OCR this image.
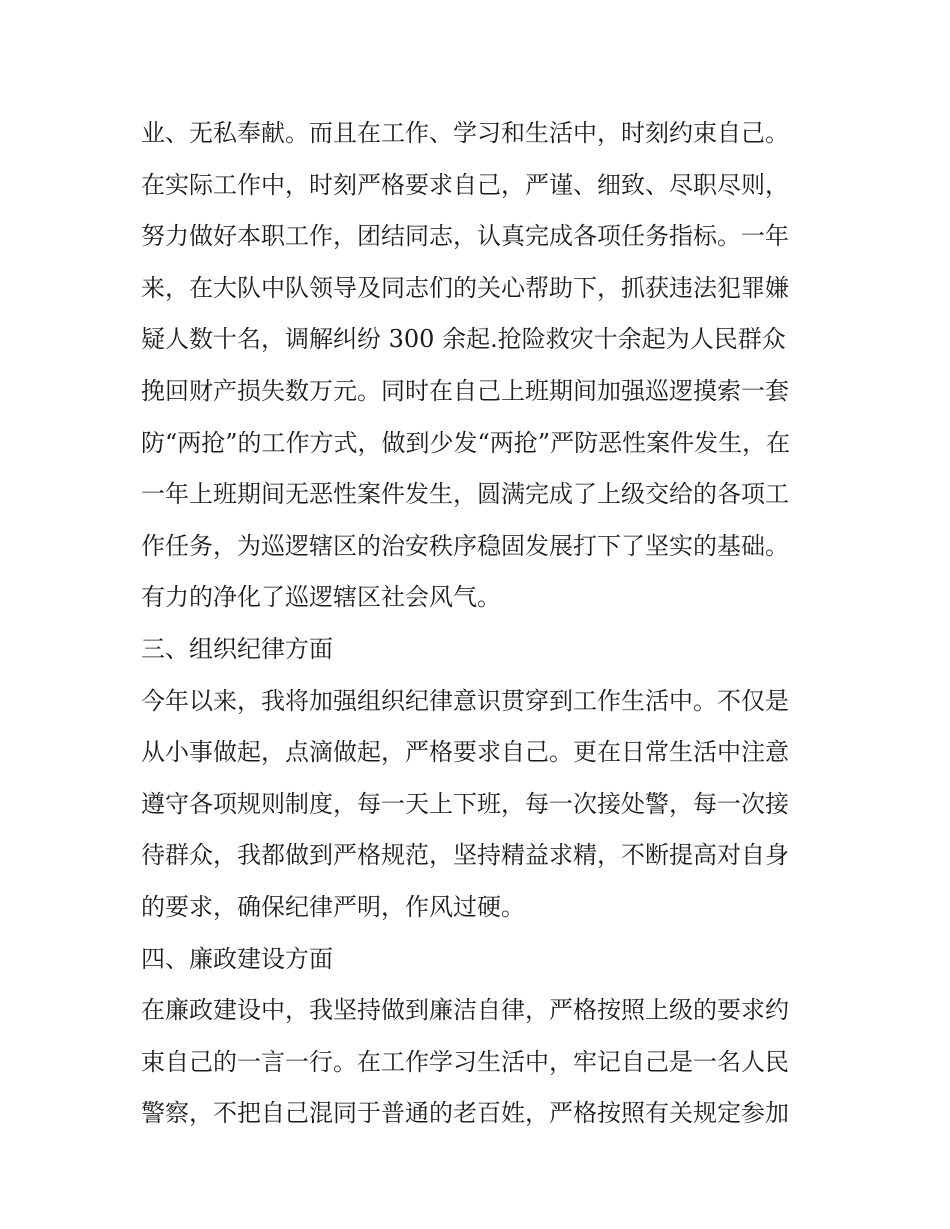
业、无私奉献。而且在工作、学习和生活中，时刻约束自己。
在实际工作中，时刻严格要求自己，严谨、细致、尽职尽则，
努力做好本职工作，团结同志，认真完成各项任务指标。一年
来，在大队中队领导及同志们的关心帮助下，抓获违法犯罪嫌
疑人数十名，调解纠纷 300 余起.抢险救灾十余起为人民群众
挽回财产损失数万元。同时在自己上班期间加强巡逻摸索一套
防“两抢”的工作方式，做到少发“两抢”严防恶性案件发生，在
一年上班期间无恶性案件发生，圆满完成了上级交给的各项工
作任务，为巡逻辖区的治安秩序稳固发展打下了坚实的基础。
有力的净化了巡逻辖区社会风气。
三、组织纪律方面
今年以来，我将加强组织纪律意识贯穿到工作生活中。不仅是
从小事做起，点滴做起，严格要求自己。更在日常生活中注意
遵守各项规则制度，每一天上下班，每一次接处警，每一次接
待群众，我都做到严格规范，坚持精益求精，不断提高对自身
的要求，确保纪律严明，作风过硬。
四、廉政建设方面
在廉政建设中，我坚持做到廉洁自律，严格按照上级的要求约
束自己的一言一行。在工作学习生活中，牢记自己是一名人民
警察，不把自己混同于普通的老百姓，严格按照有关规定参加
